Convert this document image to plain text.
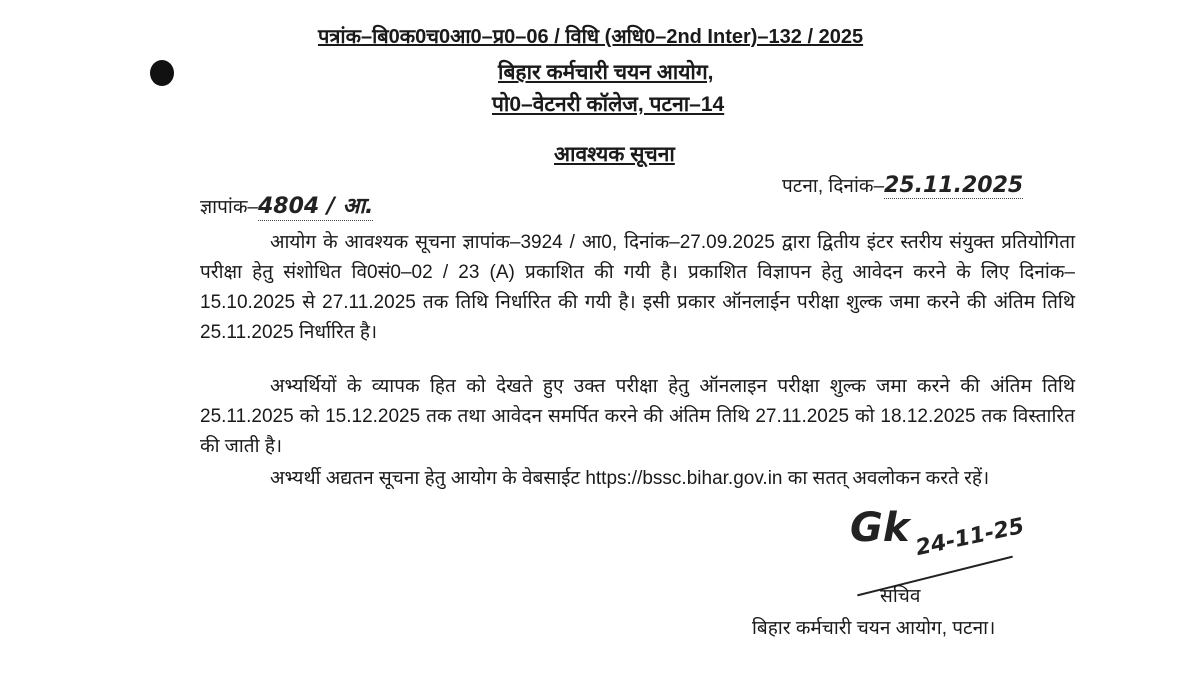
पत्रांक–बि0क0च0आ0–प्र0–06 / विधि (अधि0–2nd Inter)–132 / 2025
बिहार कर्मचारी चयन आयोग,
पो0–वेटनरी कॉलेज, पटना–14
आवश्यक सूचना
ज्ञापांक–4804 / आ.
पटना, दिनांक–25.11.2025
आयोग के आवश्यक सूचना ज्ञापांक–3924 / आ0, दिनांक–27.09.2025 द्वारा द्वितीय इंटर स्तरीय संयुक्त प्रतियोगिता परीक्षा हेतु संशोधित वि0सं0–02 / 23 (A) प्रकाशित की गयी है। प्रकाशित विज्ञापन हेतु आवेदन करने के लिए दिनांक–15.10.2025 से 27.11.2025 तक तिथि निर्धारित की गयी है। इसी प्रकार ऑनलाईन परीक्षा शुल्क जमा करने की अंतिम तिथि 25.11.2025 निर्धारित है।
अभ्यर्थियों के व्यापक हित को देखते हुए उक्त परीक्षा हेतु ऑनलाइन परीक्षा शुल्क जमा करने की अंतिम तिथि 25.11.2025 को 15.12.2025 तक तथा आवेदन समर्पित करने की अंतिम तिथि 27.11.2025 को 18.12.2025 तक विस्तारित की जाती है।
अभ्यर्थी अद्यतन सूचना हेतु आयोग के वेबसाईट https://bssc.bihar.gov.in का सतत् अवलोकन करते रहें।
Gk 24-11-25
सचिव
बिहार कर्मचारी चयन आयोग, पटना।
